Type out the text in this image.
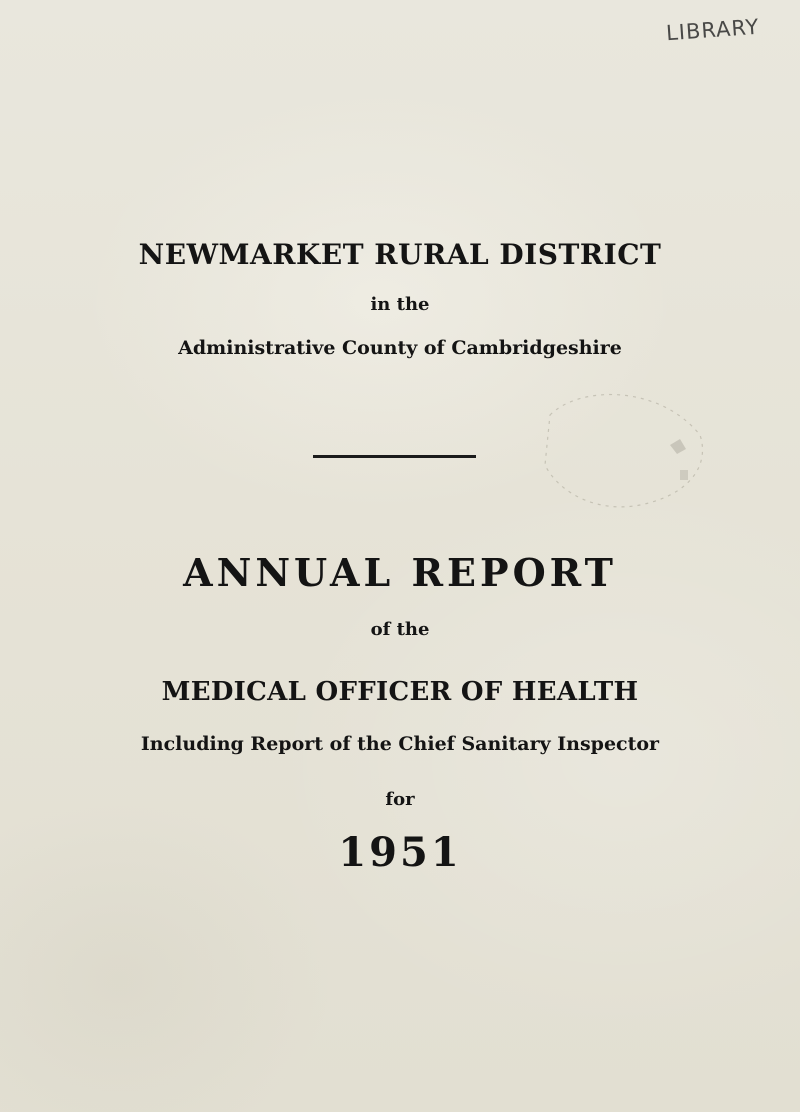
LIBRARY
NEWMARKET RURAL DISTRICT
in the
Administrative County of Cambridgeshire
ANNUAL REPORT
of the
MEDICAL OFFICER OF HEALTH
Including Report of the Chief Sanitary Inspector
for
1951
